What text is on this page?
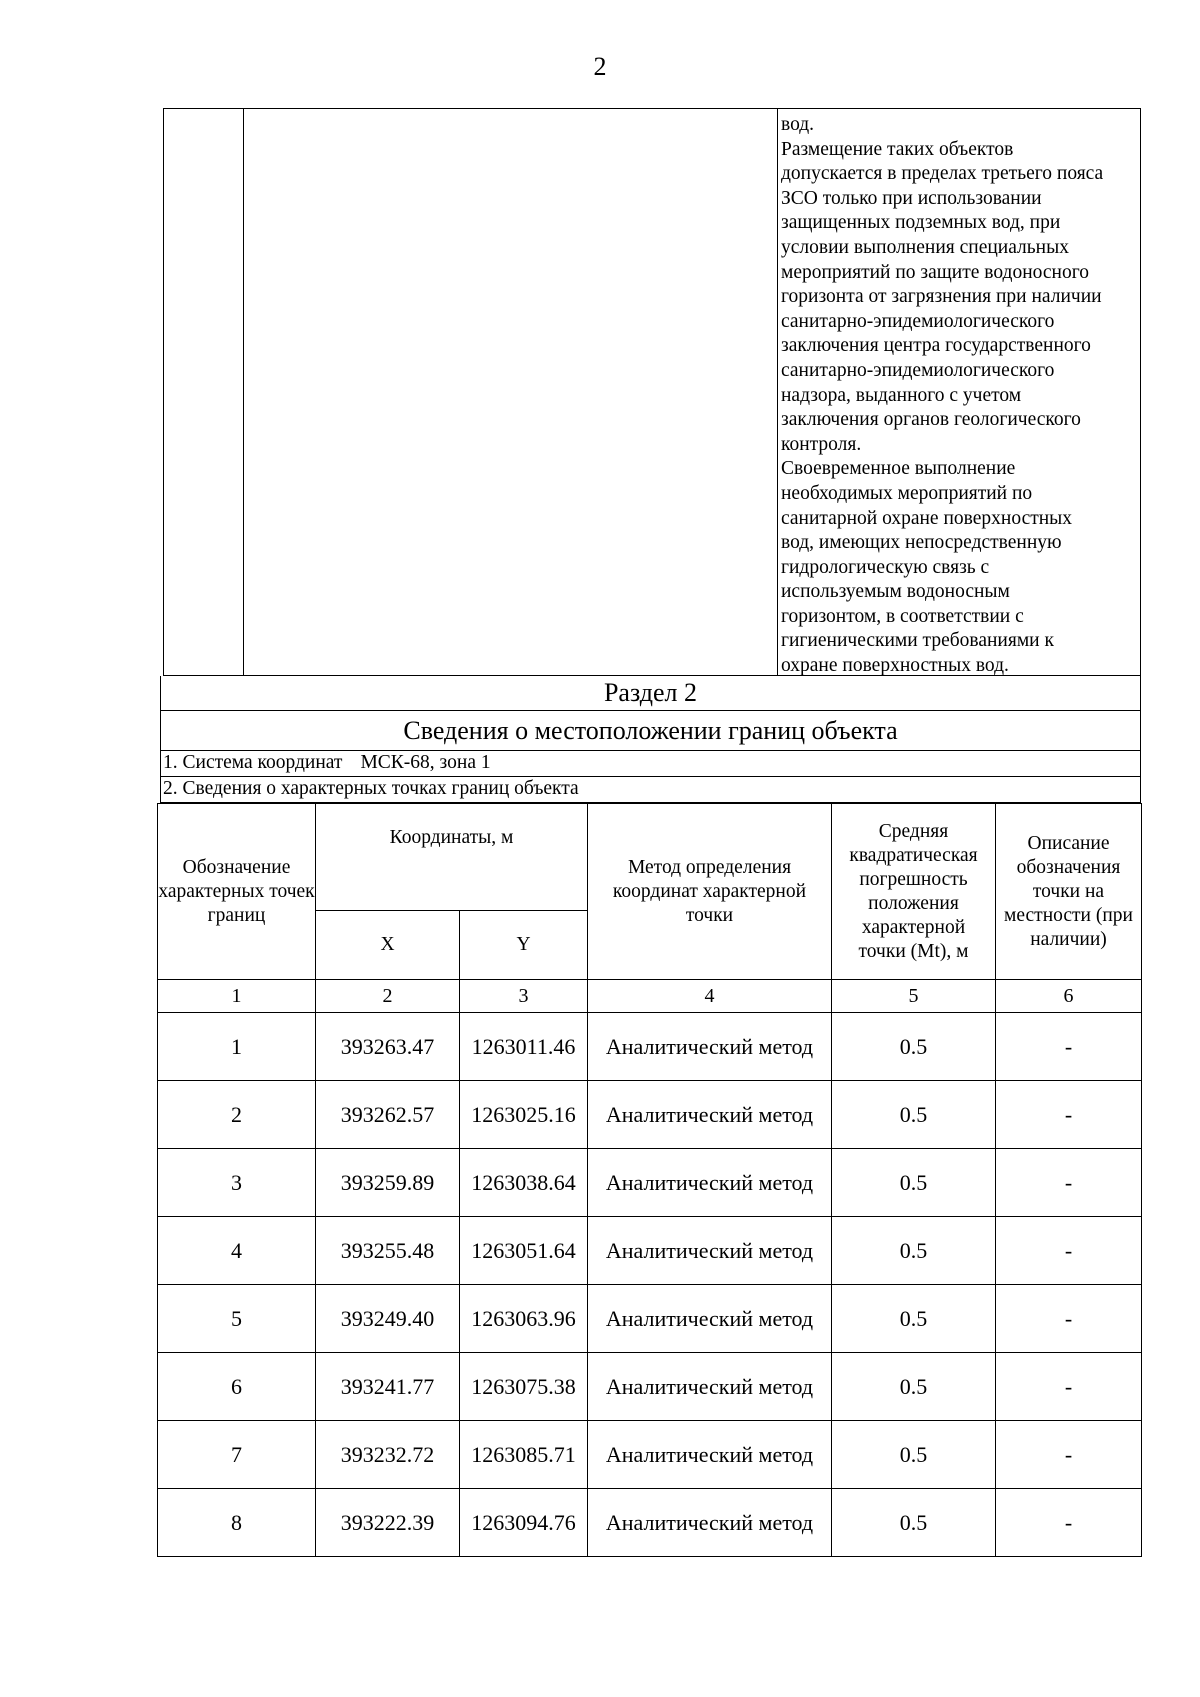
2
вод.
Размещение таких объектов
допускается в пределах третьего пояса
ЗСО только при использовании
защищенных подземных вод, при
условии выполнения специальных
мероприятий по защите водоносного
горизонта от загрязнения при наличии
санитарно-эпидемиологического
заключения центра государственного
санитарно-эпидемиологического
надзора, выданного с учетом
заключения органов геологического
контроля.
Своевременное выполнение
необходимых мероприятий по
санитарной охране поверхностных
вод, имеющих непосредственную
гидрологическую связь с
используемым водоносным
горизонтом, в соответствии с
гигиеническими требованиями к
охране поверхностных вод.
Раздел 2
Сведения о местоположении границ объекта
1. Система координат МСК-68, зона 1
2. Сведения о характерных точках границ объекта
Обозначение характерных точек границ	Координаты, м		Метод определения координат характерной точки	Средняя квадратическая погрешность положения характерной точки (Mt), м	Описание обозначения точки на местности (при наличии)
	X	Y			
1	2	3	4	5	6
1	393263.47	1263011.46	Аналитический метод	0.5	-
2	393262.57	1263025.16	Аналитический метод	0.5	-
3	393259.89	1263038.64	Аналитический метод	0.5	-
4	393255.48	1263051.64	Аналитический метод	0.5	-
5	393249.40	1263063.96	Аналитический метод	0.5	-
6	393241.77	1263075.38	Аналитический метод	0.5	-
7	393232.72	1263085.71	Аналитический метод	0.5	-
8	393222.39	1263094.76	Аналитический метод	0.5	-
